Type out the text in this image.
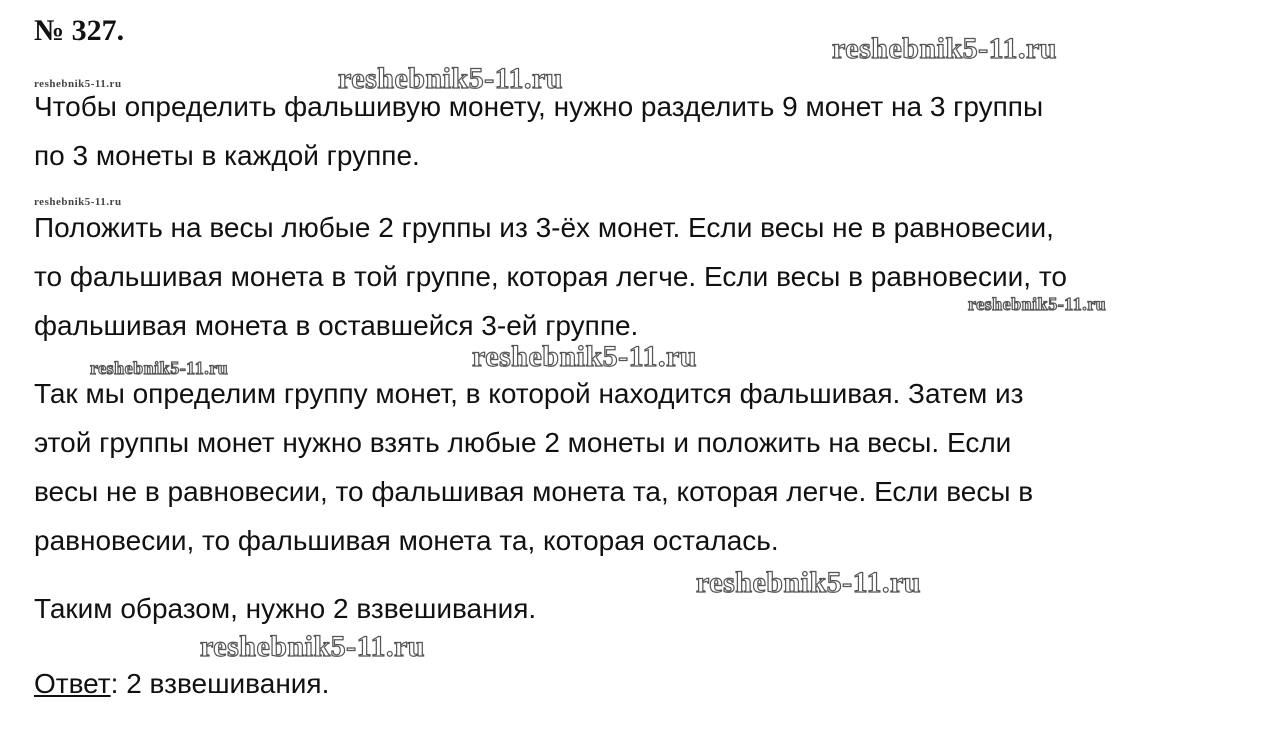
№ 327.
reshebnik5-11.ru
reshebnik5-11.ru	reshebnik5-11.ru
reshebnik5-11.ru
reshebnik5-11.ru
reshebnik5-11.ru	reshebnik5-11.ru
reshebnik5-11.ru
reshebnik5-11.ru
Чтобы определить фальшивую монету, нужно разделить 9 монет на 3 группы
по 3 монеты в каждой группе.
Положить на весы любые 2 группы из 3-ёх монет. Если весы не в равновесии,
то фальшивая монета в той группе, которая легче. Если весы в равновесии, то
фальшивая монета в оставшейся 3-ей группе.
Так мы определим группу монет, в которой находится фальшивая. Затем из
этой группы монет нужно взять любые 2 монеты и положить на весы. Если
весы не в равновесии, то фальшивая монета та, которая легче. Если весы в
равновесии, то фальшивая монета та, которая осталась.
Таким образом, нужно 2 взвешивания.
Ответ: 2 взвешивания.
